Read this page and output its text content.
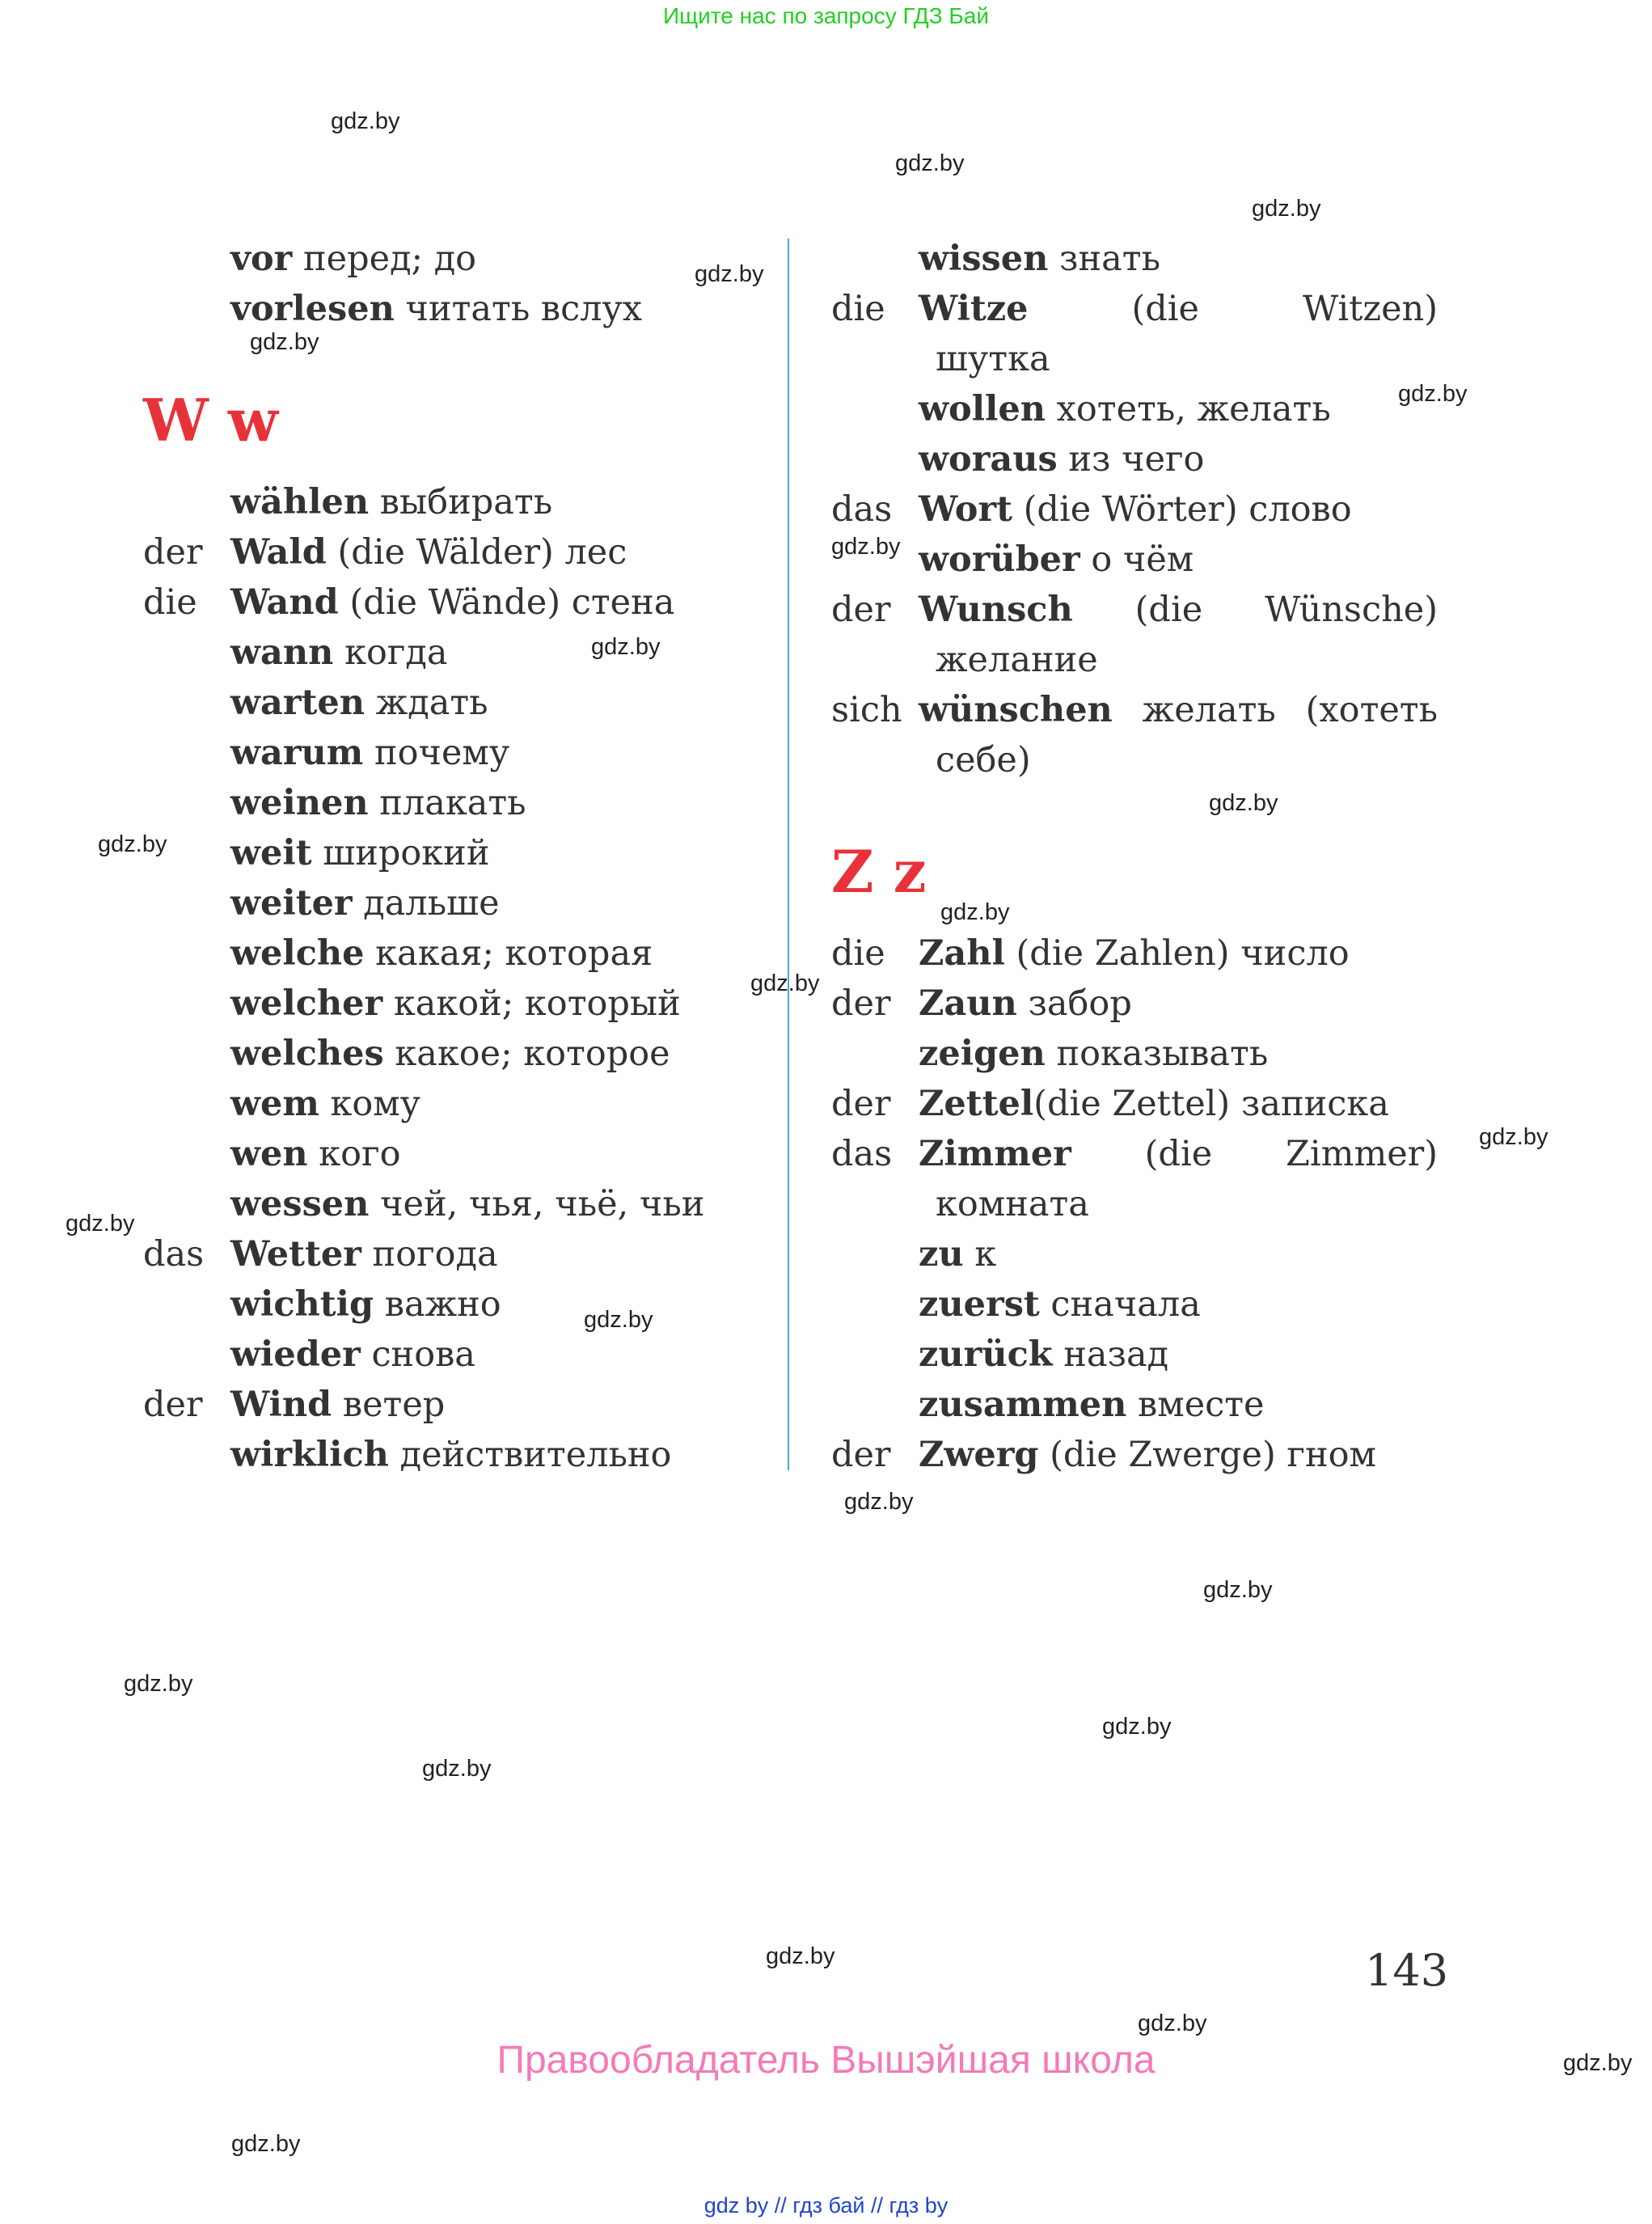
Ищите нас по запросу ГДЗ Бай
vor перед; до
vorlesen читать вслух
W w
wählen выбирать
der Wald (die Wälder) лес
die Wand (die Wände) стена
wann когда
warten ждать
warum почему
weinen плакать
weit широкий
weiter дальше
welche какая; которая
welcher какой; который
welches какое; которое
wem кому
wen кого
wessen чей, чья, чьё, чьи
das Wetter погода
wichtig важно
wieder снова
der Wind ветер
wirklich действительно
wissen знать
die Witze (die Witzen)
шутка
wollen хотеть, желать
woraus из чего
das Wort (die Wörter) слово
worüber о чём
der Wunsch (die Wünsche)
желание
sich wünschen желать (хотеть
себе)
Z z
die Zahl (die Zahlen) число
der Zaun забор
zeigen показывать
der Zettel(die Zettel) записка
das Zimmer (die Zimmer)
комната
zu к
zuerst сначала
zurück назад
zusammen вместе
der Zwerg (die Zwerge) гном
gdz.by
gdz.by
gdz.by
gdz.by
gdz.by
gdz.by
gdz.by
gdz.by
gdz.by
gdz.by
gdz.by
gdz.by
gdz.by
gdz.by
gdz.by
gdz.by
gdz.by
gdz.by
gdz.by
gdz.by
gdz.by
gdz.by
gdz.by
gdz.by
143
Правообладатель Вышэйшая школа
gdz by // гдз бай // гдз by
